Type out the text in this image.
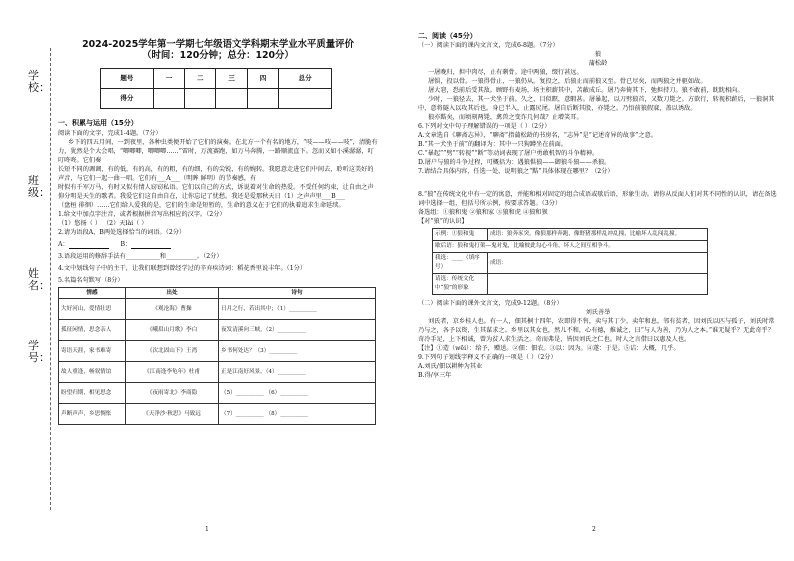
学校：
班级：
姓名：
学号：
2024-2025学年第一学期七年级语文学科期末学业水平质量评价
（时间：120分钟；总分：120分）
题号	一	二	三	四	总分
得分					
一、积累与运用（15分）

阅读下面的文字，完成1-4题。（7分）

乡下的四五月间，一到夜里，各种虫类便开始了它们的演奏。在北方一个有名的地方，“吱——吱——吱”，清脆有力，犹然是个大会唱，“唧唧唧，唧唧唧……”雷时，万流赛跑，如万马奔腾，一路顺流直下。忽而又如小溪潺潺，叮叮咚咚。它们奏

长短不同的调调，有的低，有的高，有的粗，有的细，有的尖锐，有的婉转。我愿意走进它们中间去，聆听这美好的声音，与它们一起一曲一唱。它们有___A___（明眸 鲜明）的节奏感，有

时似有千军万马，有时又似有情人窃窃私语。它们以自己的方式，诉说着对生命的热爱。不受任何约束，让自由之声

仰分明是天生的歌者。我爱它们这自由自在，让你忘记了忧愁。我还是爱那秋天日（1）之声声里___B___

（盘桓 徘徊）……它们给人爱我的是，它们的生命是短暂的，生命的意义在于它们的执着追求生命延续。

1.给文中加点字注音，或者根据拼音写出相应的汉字。（2分）

（1）悠扬（ ） （2）天lài（ ）

2.请为语段A、B两处选择恰当的词语。（2分）

A：	B：

3.语段运用的修辞手法有___________和__________。（2分）

4.文中划线句子中的主干，让我们联想到曾经学过的辛弃疾诗词：稻花香里说丰年。（1分）

5.名篇名句默写（8分）

情感	出处	诗句
大好河山，爱情壮思	《观沧海》曹操	日月之行，若出其中；（1）__________
孤征闲情，思念亲人	《峨眉山月歌》李白	夜发清溪向三峡，（2）__________
寄语天涯，家书难寄	《次北固山下》王湾	乡书何处达？（3）__________
故人重逢，畅叙情谊	《江南逢李龟年》杜甫	正是江南好风景，（4）__________
盼望归期，相见思念	《夜雨寄北》李商隐	（5）__________ （6）__________
声断声声，乡思惆怅	《天净沙·秋思》马致远	（7）__________ （8）__________
1	2

二、阅读（45分）

（一）阅读下面的课内文言文，完成6-8题。（7分）

狼

蒲松龄

一屠晚归，担中肉尽，止有剩骨。途中两狼，缀行甚远。

屠惧，投以骨。一狼得骨止，一狼仍从。复投之，后狼止而前狼又至。骨已尽矣，而两狼之并驱如故。

屠大窘，恐前后受其敌。顾野有麦场，场主积薪其中，苫蔽成丘。屠乃奔倚其下，弛担持刀。狼不敢前，眈眈相向。

少时，一狼径去，其一犬坐于前。久之，目似瞑，意暇甚。屠暴起，以刀劈狼首，又数刀毙之。方欲行，转视积薪后，一狼洞其中，意将隧入以攻其后也。身已半入，止露尻尾。屠自后断其股，亦毙之。乃悟前狼假寐，盖以诱敌。

狼亦黠矣，而顷刻两毙，禽兽之变诈几何哉？止增笑耳。

6.下列对文中句子理解错误的一项是（ ）（2分）

A.文章选自《聊斋志异》，“聊斋”指蒲松龄的书房名，“志异”是“记述奇异的故事”之意。

B.“其一犬坐于前”的翻译为：其中一只狗蹲坐在前面。

C.“暴起”“劈”“转视”“断”等动词表现了屠户勇敢机智的斗争精神。

D.屠户与狼的斗争过程，可概括为：遇狼惧狼——御狼斗狼——杀狼。

7.请结合具体内容，任选一处，说明狼之“黠”具体体现在哪里？（2分）

8.“狼”在传统文化中有一定的寓意，并能和相对固定的组合成语或歇后语，形象生动。请你从反面人们对其不同性的认识，请在备选词中选择一组，但括号所示例，按要求答题。（3分）

备选组：①狼和鬼 ②狼和家 ③狼和虎 ④狼和狈

【对“狼”的认识】

示例：①狼和鬼	成语：狼奔豕突，像狼那样奔跑，像野猪那样乱冲乱撞，比喻坏人乱闯乱撞。
歇后语：狼和鬼打架—鬼对鬼，比喻彼此勾心斗角，坏人之间互相争斗。	
我选：____（填序号）	成语：
请选：传统文化中“狼”的形象	

（二）阅读下面的课外文言文，完成9-12题。（8分）

刘氏善举

刘氏者，京乡桂人也。有一人，佃其桐十四年，农即得不售，卖与其丁少，卖年和息。邻有贫者，因刘氏以匹与孤子，刘氏时常乃与之，各予以资，生其谋求之。乡里以其女也，然儿不和，心有德，推诚之，曰“与人为善，乃为人之本。”谁无疑乎？无此奇乎？奇冷手足，上下相诚，曾为贫人求生活之。奇而弗是，皆因刘氏之仁也。时人之言借曰以惠及人也。

【注】①造（wēi）：给予，赠送。②佃：佃农。③以：因为。④遂：于是。⑤诘：大概，几乎。

9.下列句子划线字释义不正确的一项是（ ）（2分）

A.刘氏/佃以耕种为其业

B.得/享三年
